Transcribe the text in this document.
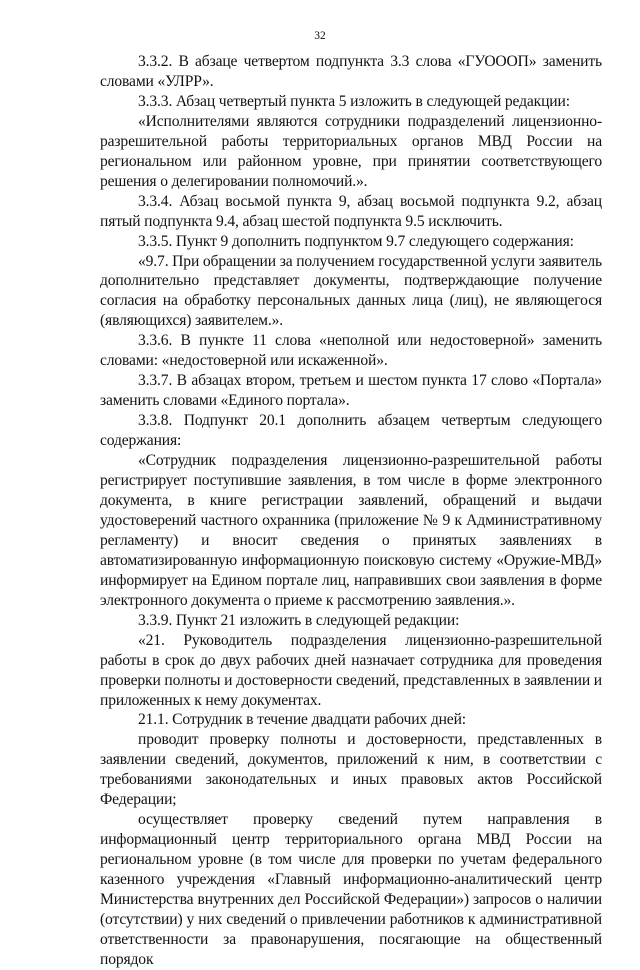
32

3.3.2. В абзаце четвертом подпункта 3.3 слова «ГУОООП» заменить словами «УЛРР».

3.3.3. Абзац четвертый пункта 5 изложить в следующей редакции:

«Исполнителями являются сотрудники подразделений лицензионно-разрешительной работы территориальных органов МВД России на региональном или районном уровне, при принятии соответствующего решения о делегировании полномочий.».

3.3.4. Абзац восьмой пункта 9, абзац восьмой подпункта 9.2, абзац пятый подпункта 9.4, абзац шестой подпункта 9.5 исключить.

3.3.5. Пункт 9 дополнить подпунктом 9.7 следующего содержания:

«9.7. При обращении за получением государственной услуги заявитель дополнительно представляет документы, подтверждающие получение согласия на обработку персональных данных лица (лиц), не являющегося (являющихся) заявителем.».

3.3.6. В пункте 11 слова «неполной или недостоверной» заменить словами: «недостоверной или искаженной».

3.3.7. В абзацах втором, третьем и шестом пункта 17 слово «Портала» заменить словами «Единого портала».

3.3.8. Подпункт 20.1 дополнить абзацем четвертым следующего содержания:

«Сотрудник подразделения лицензионно-разрешительной работы регистрирует поступившие заявления, в том числе в форме электронного документа, в книге регистрации заявлений, обращений и выдачи удостоверений частного охранника (приложение № 9 к Административному регламенту) и вносит сведения о принятых заявлениях в автоматизированную информационную поисковую систему «Оружие-МВД» информирует на Едином портале лиц, направивших свои заявления в форме электронного документа о приеме к рассмотрению заявления.».

3.3.9. Пункт 21 изложить в следующей редакции:

«21. Руководитель подразделения лицензионно-разрешительной работы в срок до двух рабочих дней назначает сотрудника для проведения проверки полноты и достоверности сведений, представленных в заявлении и приложенных к нему документах.

21.1. Сотрудник в течение двадцати рабочих дней:

проводит проверку полноты и достоверности, представленных в заявлении сведений, документов, приложений к ним, в соответствии с требованиями законодательных и иных правовых актов Российской Федерации;

осуществляет проверку сведений путем направления в информационный центр территориального органа МВД России на региональном уровне (в том числе для проверки по учетам федерального казенного учреждения «Главный информационно-аналитический центр Министерства внутренних дел Российской Федерации») запросов о наличии (отсутствии) у них сведений о привлечении работников к административной ответственности за правонарушения, посягающие на общественный порядок
